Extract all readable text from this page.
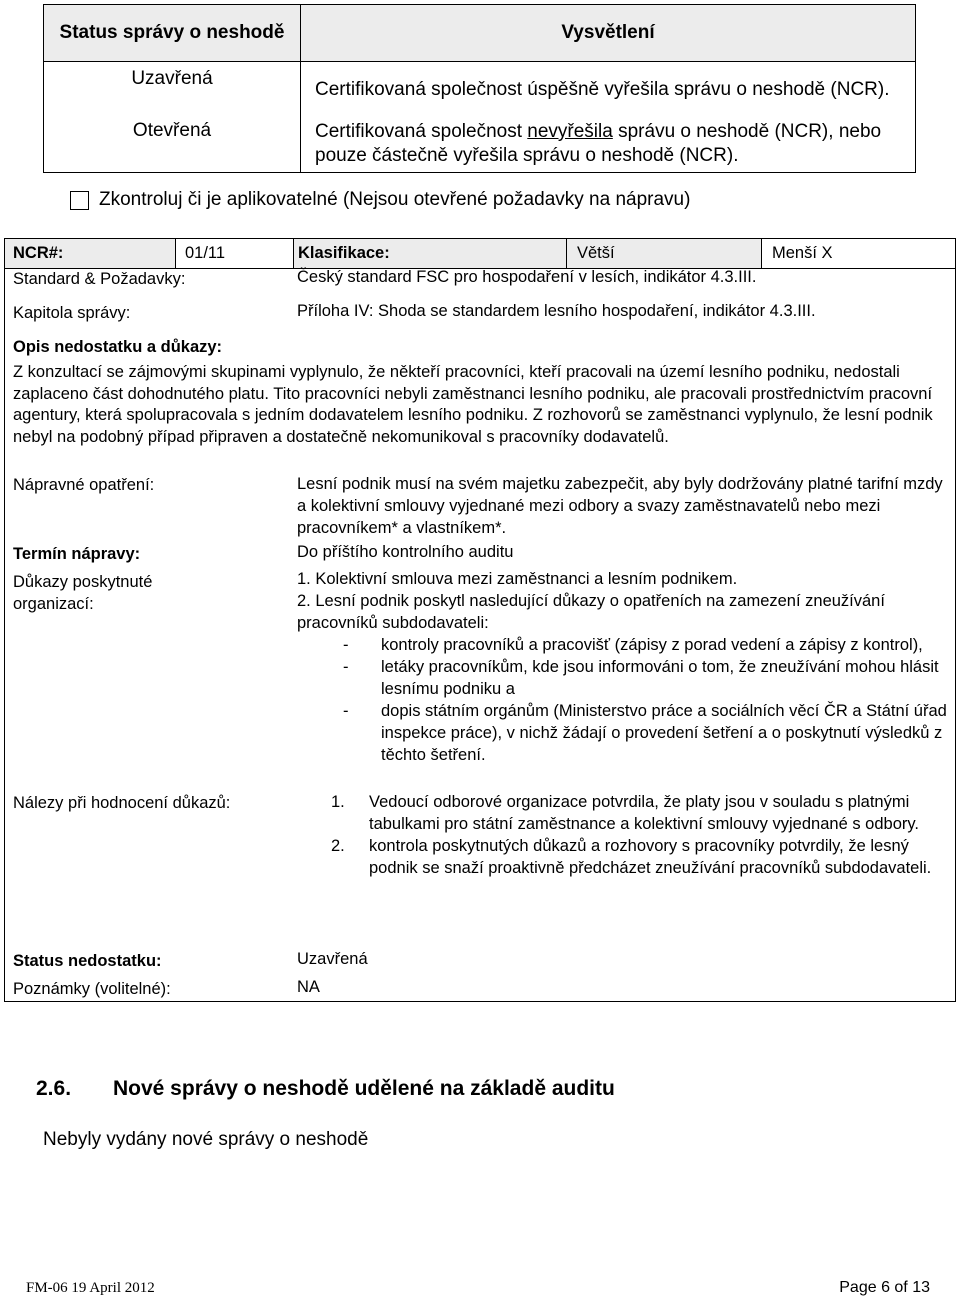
Status správy o neshodě	Vysvětlení
Uzavřená	Certifikovaná společnost úspěšně vyřešila správu o neshodě (NCR).
Otevřená	Certifikovaná společnost nevyřešila správu o neshodě (NCR), nebo pouze částečně vyřešila správu o neshodě (NCR).
Zkontroluj či je aplikovatelné (Nejsou otevřené požadavky na nápravu)
NCR#:	01/11	Klasifikace:	Větší	Menší X
Standard & Požadavky:	Český standard FSC pro hospodaření v lesích, indikátor 4.3.III.
Kapitola správy:	Příloha IV: Shoda se standardem lesního hospodaření, indikátor 4.3.III.
Opis nedostatku a důkazy:
Z konzultací se zájmovými skupinami vyplynulo, že někteří pracovníci, kteří pracovali na území lesního podniku, nedostali zaplaceno část dohodnutého platu. Tito pracovníci nebyli zaměstnanci lesního podniku, ale pracovali prostřednictvím pracovní agentury, která spolupracovala s jedním dodavatelem lesního podniku. Z rozhovorů se zaměstnanci vyplynulo, že lesní podnik nebyl na podobný případ připraven a dostatečně nekomunikoval s pracovníky dodavatelů.
Nápravné opatření:	Lesní podnik musí na svém majetku zabezpečit, aby byly dodržovány platné tarifní mzdy a kolektivní smlouvy vyjednané mezi odbory a svazy zaměstnavatelů nebo mezi pracovníkem* a vlastníkem*.
Termín nápravy:	Do příštího kontrolního auditu
Důkazy poskytnuté organizací:
1. Kolektivní smlouva mezi zaměstnanci a lesním podnikem.
2. Lesní podnik poskytl nasledující důkazy o opatřeních na zamezení zneužívání pracovníků subdodavateli:
-	kontroly pracovníků a pracovišť (zápisy z porad vedení a zápisy z kontrol),
-	letáky pracovníkům, kde jsou informováni o tom, že zneužívání mohou hlásit lesnímu podniku a
-	dopis státním orgánům (Ministerstvo práce a sociálních věcí ČR a Státní úřad inspekce práce), v nichž žádají o provedení šetření a o poskytnutí výsledků z těchto šetření.
Nálezy při hodnocení důkazů:	1.	Vedoucí odborové organizace potvrdila, že platy jsou v souladu s platnými tabulkami pro státní zaměstnance a kolektivní smlouvy vyjednané s odbory.
2.	kontrola poskytnutých důkazů a rozhovory s pracovníky potvrdily, že lesný podnik se snaží proaktivně předcházet zneužívání pracovníků subdodavateli.
Status nedostatku:	Uzavřená
Poznámky (volitelné):	NA
2.6. Nové správy o neshodě udělené na základě auditu
Nebyly vydány nové správy o neshodě
FM-06 19 April 2012	Page 6 of 13
